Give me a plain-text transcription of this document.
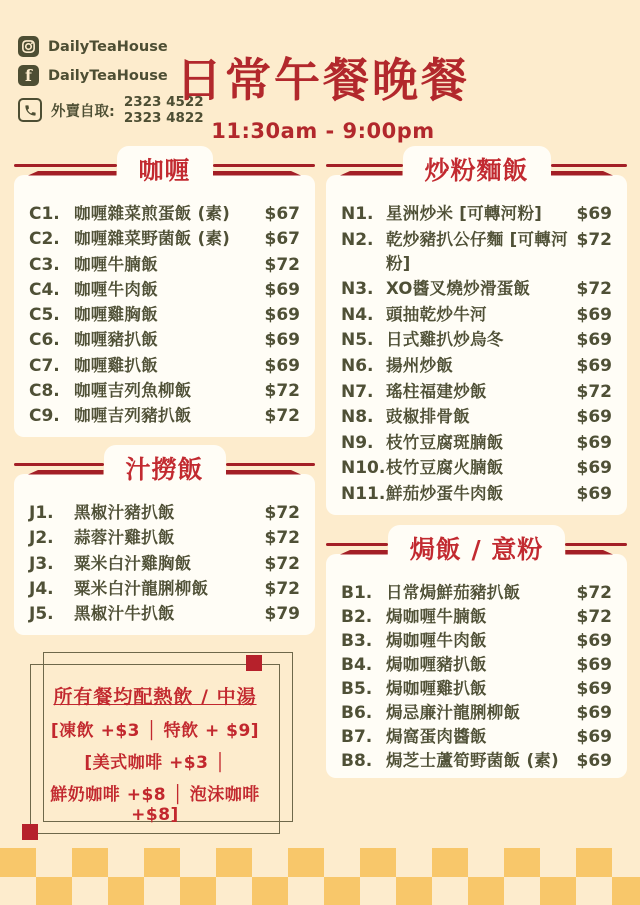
DailyTeaHouse
f DailyTeaHouse
外賣自取:
2323 4522
2323 4822
日常午餐晚餐
11:30am - 9:00pm
咖喱
C1. 咖喱雜菜煎蛋飯 (素)	$67
C2. 咖喱雜菜野菌飯 (素)	$67
C3. 咖喱牛腩飯	$72
C4. 咖喱牛肉飯	$69
C5. 咖喱雞胸飯	$69
C6. 咖喱豬扒飯	$69
C7. 咖喱雞扒飯	$69
C8. 咖喱吉列魚柳飯	$72
C9. 咖喱吉列豬扒飯	$72
汁撈飯
J1.	黑椒汁豬扒飯	$72
J2.	蒜蓉汁雞扒飯	$72
J3.	粟米白汁雞胸飯	$72
J4.	粟米白汁龍脷柳飯	$72
J5.	黑椒汁牛扒飯	$79
所有餐均配熱飲 / 中湯
[凍飲 +$3 │ 特飲 + $9]
[美式咖啡 +$3 │
鮮奶咖啡 +$8 │ 泡沫咖啡 +$8]
炒粉麵飯
N1. 星洲炒米 [可轉河粉]	$69
N2. 乾炒豬扒公仔麵 [可轉河粉]
$72
N3. XO醬叉燒炒滑蛋飯	$72
N4. 頭抽乾炒牛河	$69
N5. 日式雞扒炒烏冬	$69
N6. 揚州炒飯	$69
N7. 瑤柱福建炒飯	$72
N8. 豉椒排骨飯	$69
N9. 枝竹豆腐斑腩飯	$69
N10. 枝竹豆腐火腩飯	$69
N11. 鮮茄炒蛋牛肉飯	$69
焗飯 / 意粉
B1. 日常焗鮮茄豬扒飯	$72
B2. 焗咖喱牛腩飯	$72
B3. 焗咖喱牛肉飯	$69
B4. 焗咖喱豬扒飯	$69
B5. 焗咖喱雞扒飯	$69
B6. 焗忌廉汁龍脷柳飯	$69
B7. 焗窩蛋肉醬飯	$69
B8. 焗芝士蘆筍野菌飯 (素)	$69
